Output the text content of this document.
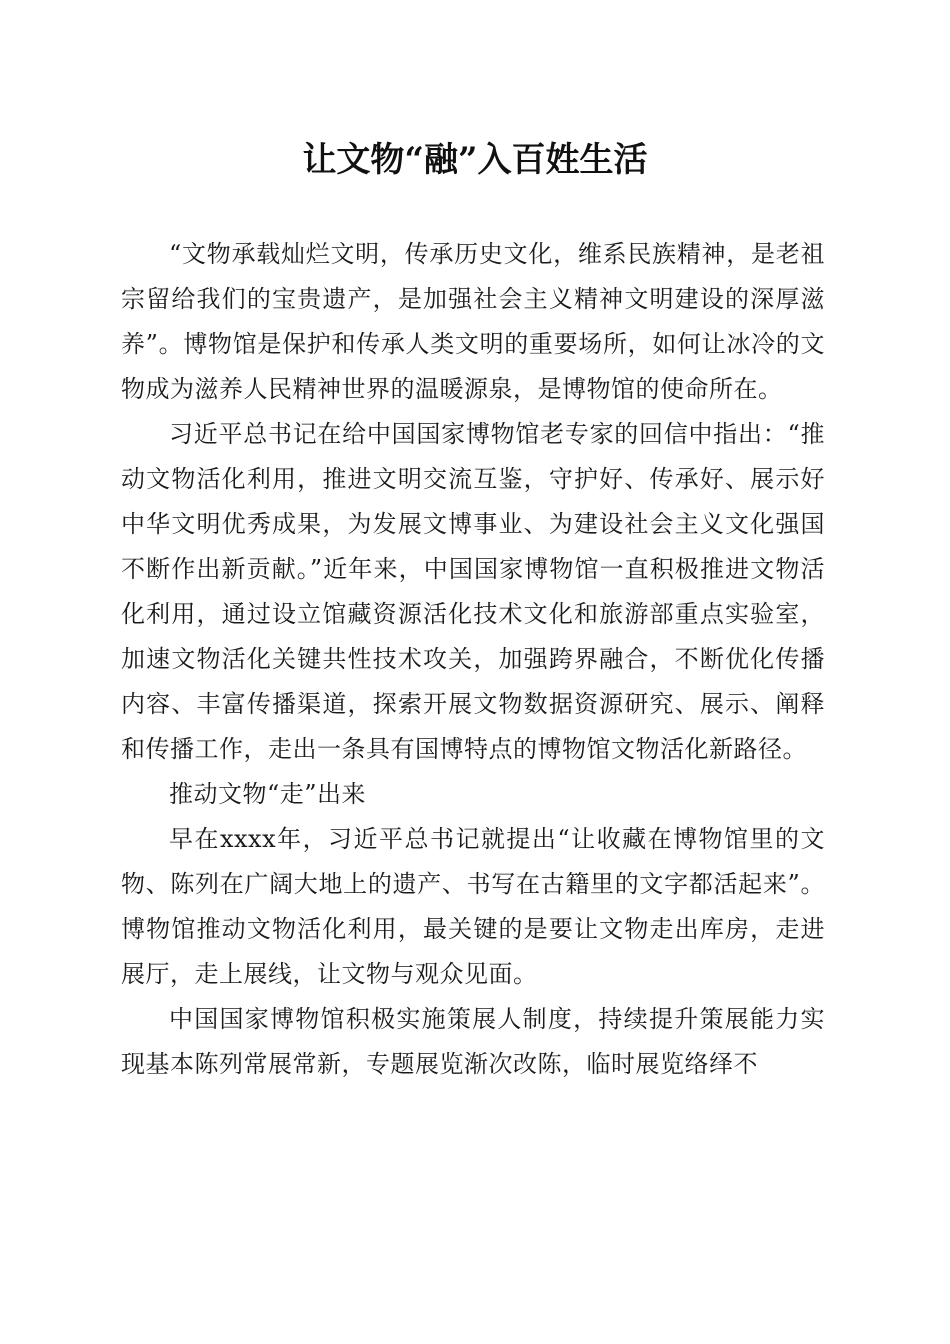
让文物“融”入百姓生活

“文物承载灿烂文明，传承历史文化，维系民族精神，是老祖宗留给我们的宝贵遗产，是加强社会主义精神文明建设的深厚滋养”。博物馆是保护和传承人类文明的重要场所，如何让冰冷的文物成为滋养人民精神世界的温暖源泉，是博物馆的使命所在。

习近平总书记在给中国国家博物馆老专家的回信中指出：“推动文物活化利用，推进文明交流互鉴，守护好、传承好、展示好中华文明优秀成果，为发展文博事业、为建设社会主义文化强国不断作出新贡献。”近年来，中国国家博物馆一直积极推进文物活化利用，通过设立馆藏资源活化技术文化和旅游部重点实验室，加速文物活化关键共性技术攻关，加强跨界融合，不断优化传播内容、丰富传播渠道，探索开展文物数据资源研究、展示、阐释和传播工作，走出一条具有国博特点的博物馆文物活化新路径。

推动文物“走”出来

早在xxxx年，习近平总书记就提出“让收藏在博物馆里的文物、陈列在广阔大地上的遗产、书写在古籍里的文字都活起来”。博物馆推动文物活化利用，最关键的是要让文物走出库房，走进展厅，走上展线，让文物与观众见面。

中国国家博物馆积极实施策展人制度，持续提升策展能力实现基本陈列常展常新，专题展览渐次改陈，临时展览络绎不
